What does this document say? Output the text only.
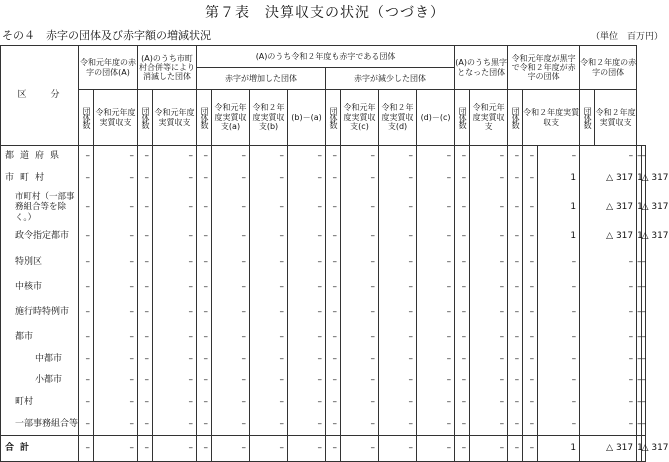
第７表　決算収支の状況（つづき）
その４　赤字の団体及び赤字額の増減状況	（単位　百万円）
区　　分	令和元年度の赤字の団体(A)		(A)のうち市町村合併等により消滅した団体		(A)のうち令和２年度も赤字である団体								(A)のうち黒字となった団体		令和元年度が黒字で令和２年度が赤字の団体			令和２年度の赤字の団体			
					赤字が増加した団体				赤字が減少した団体												

	団体数	令和元年度実質収支	団体数	令和元年度実質収支	団体数	令和元年度実質収支(a)	令和２年度実質収支(b)	(b)－(a)	団体数	令和元年度実質収支(c)	令和２年度実質収支(d)	(d)－(c)	団体数	令和元年度実質収支	団体数	令和２年度実質収支		団体数	令和２年度実質収支		
都道府県	–	–	–	–	–	–	–	–	–	–	–	–	–	–	–	–	–	–		–	–
市町村	–	–	–	–	–	–	–	–	–	–	–	–	–	–	–	–	1	△ 317		1	△ 317
市町村（一部事務組合等を除く。）	–	–	–	–	–	–	–	–	–	–	–	–	–	–	–	–	1	△ 317		1	△ 317
政令指定都市	–	–	–	–	–	–	–	–	–	–	–	–	–	–	–	–	1	△ 317		1	△ 317
特別区	–	–	–	–	–	–	–	–	–	–	–	–	–	–	–	–	–	–		–	–
中核市	–	–	–	–	–	–	–	–	–	–	–	–	–	–	–	–	–	–		–	–
施行時特例市	–	–	–	–	–	–	–	–	–	–	–	–	–	–	–	–	–	–		–	–
都市	–	–	–	–	–	–	–	–	–	–	–	–	–	–	–	–	–	–		–	–
中都市	–	–	–	–	–	–	–	–	–	–	–	–	–	–	–	–	–	–		–	–
小都市	–	–	–	–	–	–	–	–	–	–	–	–	–	–	–	–	–	–		–	–
町村	–	–	–	–	–	–	–	–	–	–	–	–	–	–	–	–	–	–		–	–
一部事務組合等	–	–	–	–	–	–	–	–	–	–	–	–	–	–	–	–	–	–		–	–
合計	–	–	–	–	–	–	–	–	–	–	–	–	–	–	–	–	1	△ 317		1	△ 317
